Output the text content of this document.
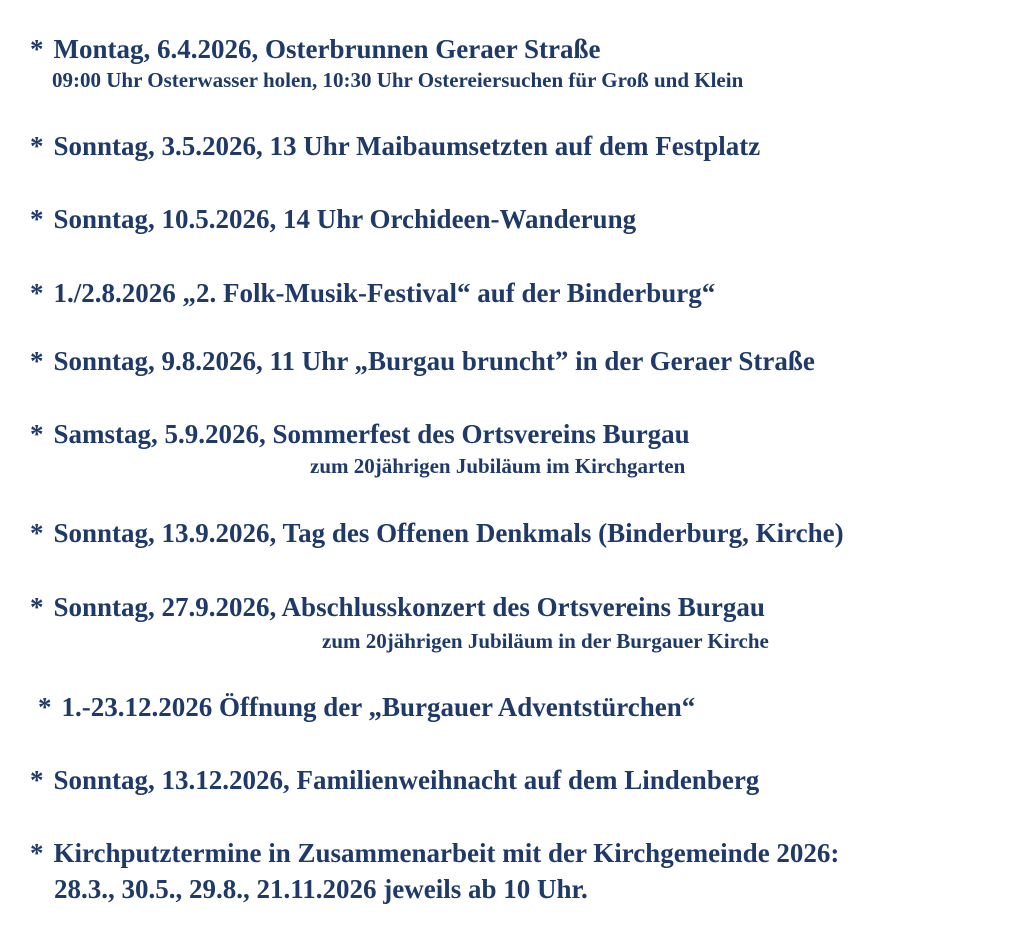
* Montag, 6.4.2026, Osterbrunnen Geraer Straße
09:00 Uhr Osterwasser holen, 10:30 Uhr Ostereiersuchen für Groß und Klein
* Sonntag, 3.5.2026, 13 Uhr Maibaumsetzten auf dem Festplatz
* Sonntag, 10.5.2026, 14 Uhr Orchideen-Wanderung
* 1./2.8.2026 „2. Folk-Musik-Festival“ auf der Binderburg“
* Sonntag, 9.8.2026, 11 Uhr „Burgau brunchtˮ in der Geraer Straße
* Samstag, 5.9.2026, Sommerfest des Ortsvereins Burgau
zum 20jährigen Jubiläum im Kirchgarten
* Sonntag, 13.9.2026, Tag des Offenen Denkmals (Binderburg, Kirche)
* Sonntag, 27.9.2026, Abschlusskonzert des Ortsvereins Burgau
zum 20jährigen Jubiläum in der Burgauer Kirche
* 1.-23.12.2026 Öffnung der „Burgauer Adventstürchen“
* Sonntag, 13.12.2026, Familienweihnacht auf dem Lindenberg
* Kirchputztermine in Zusammenarbeit mit der Kirchgemeinde 2026:
28.3., 30.5., 29.8., 21.11.2026 jeweils ab 10 Uhr.
